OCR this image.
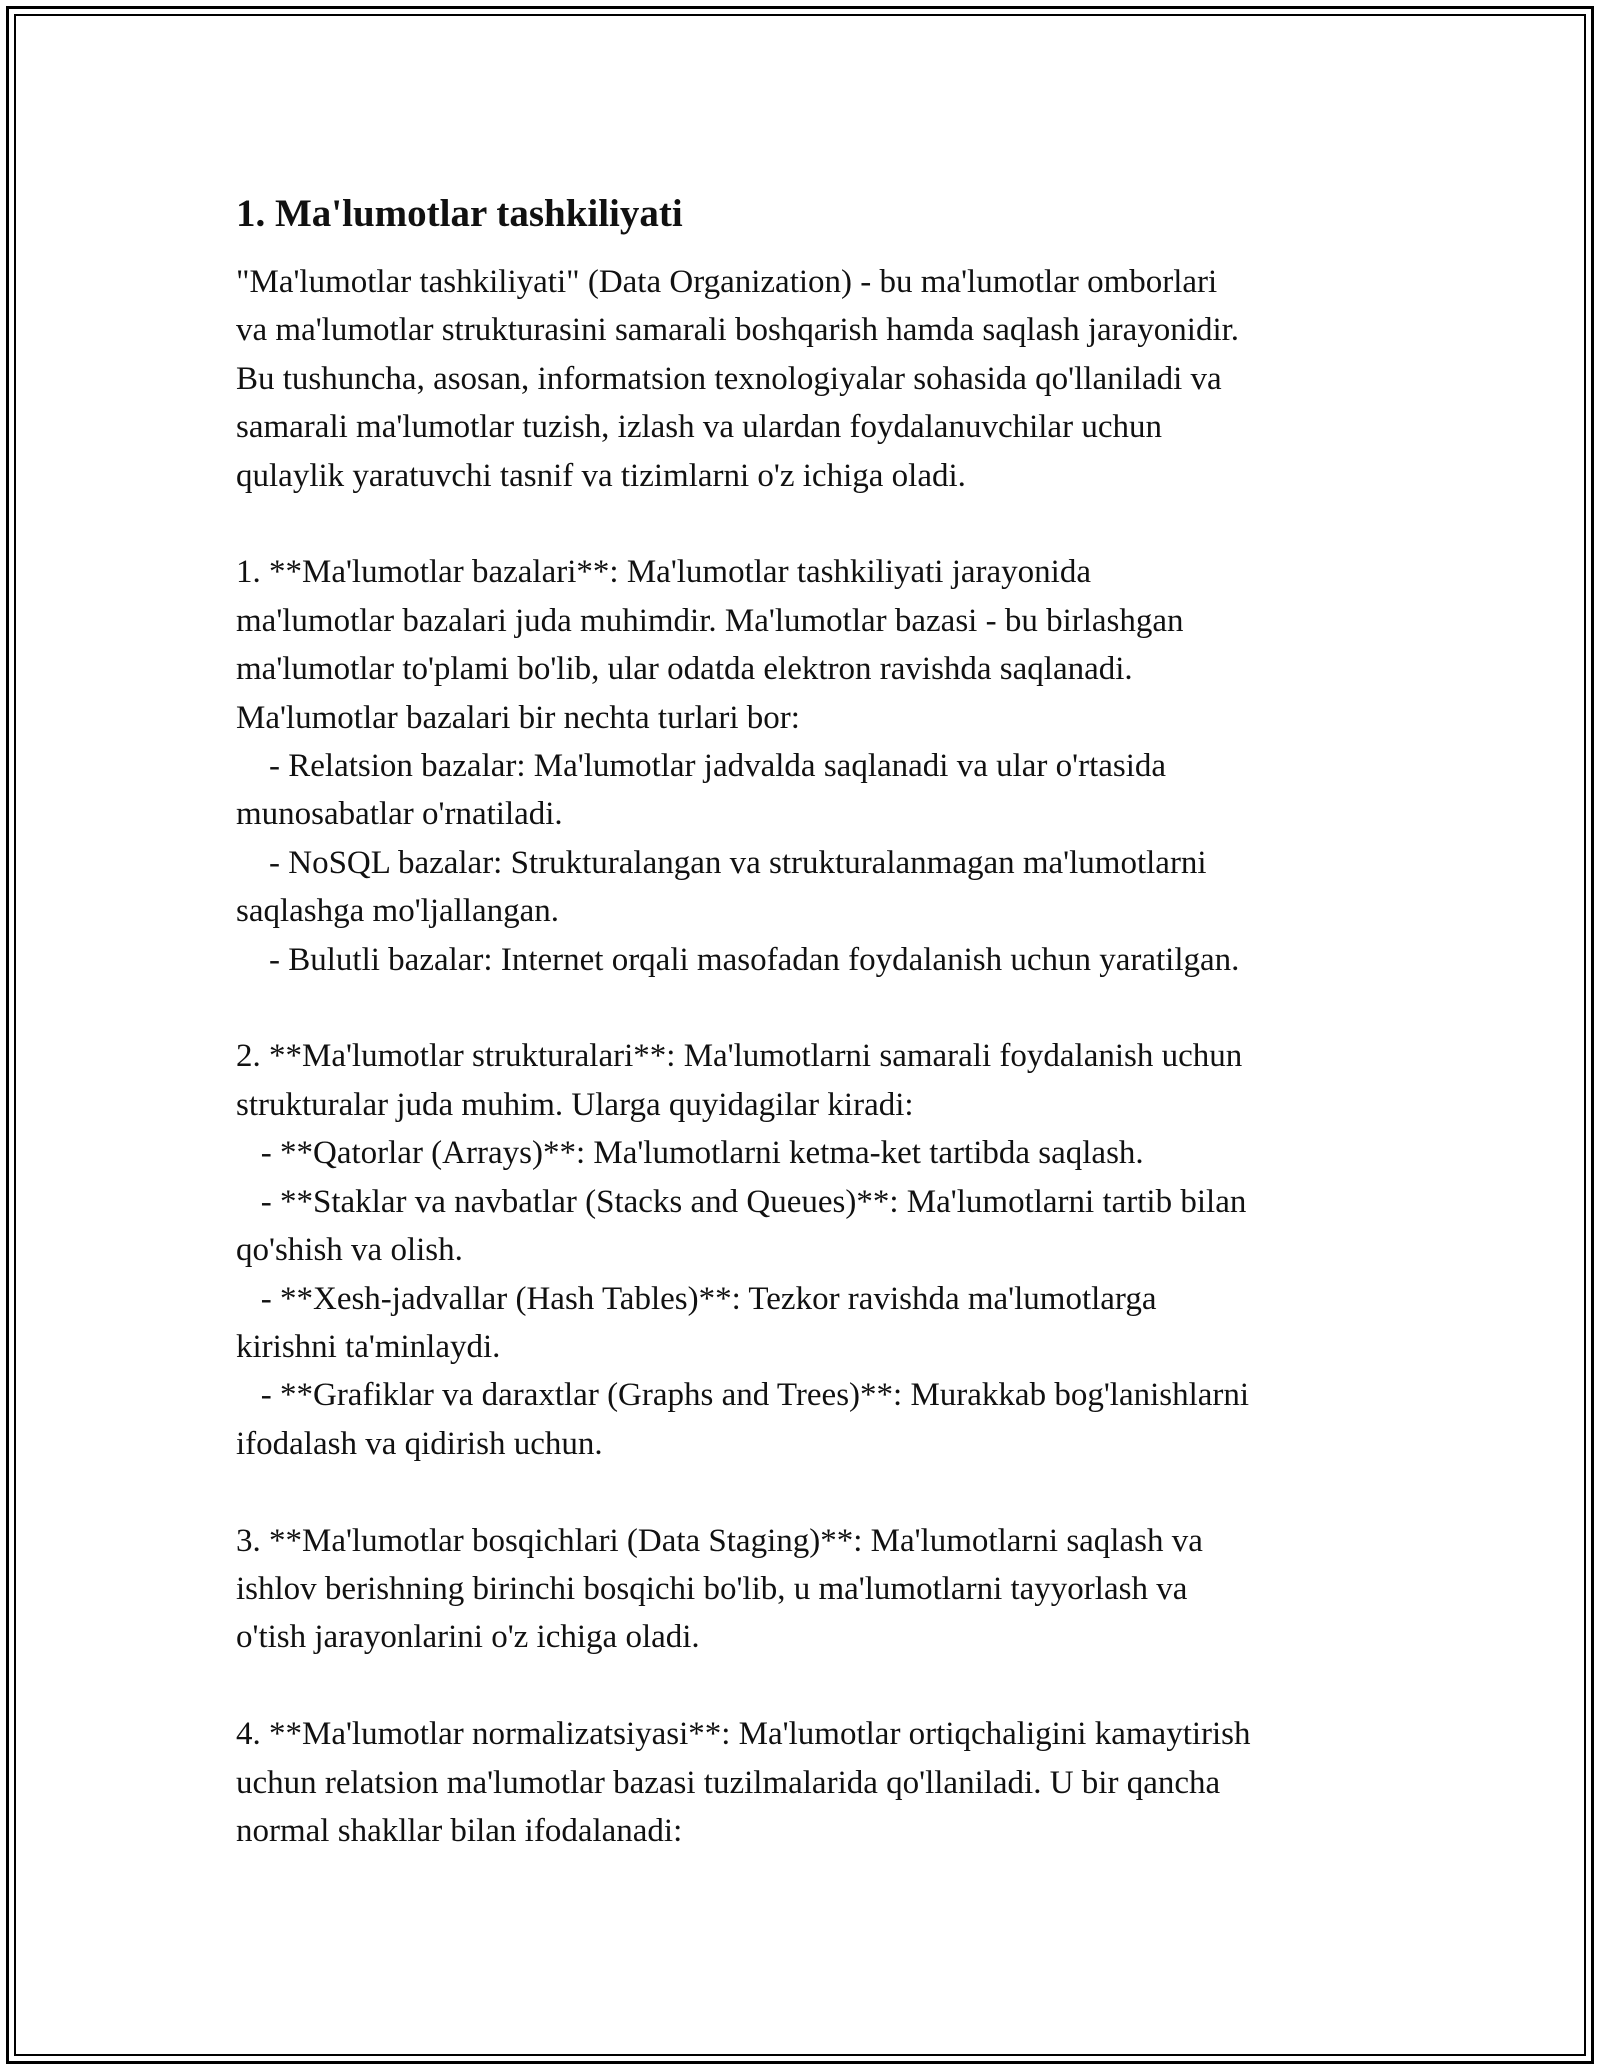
1. Ma'lumotlar tashkiliyati

"Ma'lumotlar tashkiliyati" (Data Organization) - bu ma'lumotlar omborlari
va ma'lumotlar strukturasini samarali boshqarish hamda saqlash jarayonidir.
Bu tushuncha, asosan, informatsion texnologiyalar sohasida qo'llaniladi va
samarali ma'lumotlar tuzish, izlash va ulardan foydalanuvchilar uchun
qulaylik yaratuvchi tasnif va tizimlarni o'z ichiga oladi.

1. **Ma'lumotlar bazalari**: Ma'lumotlar tashkiliyati jarayonida
ma'lumotlar bazalari juda muhimdir. Ma'lumotlar bazasi - bu birlashgan
ma'lumotlar to'plami bo'lib, ular odatda elektron ravishda saqlanadi.
Ma'lumotlar bazalari bir nechta turlari bor:
- Relatsion bazalar: Ma'lumotlar jadvalda saqlanadi va ular o'rtasida
munosabatlar o'rnatiladi.
- NoSQL bazalar: Strukturalangan va strukturalanmagan ma'lumotlarni
saqlashga mo'ljallangan.
- Bulutli bazalar: Internet orqali masofadan foydalanish uchun yaratilgan.

2. **Ma'lumotlar strukturalari**: Ma'lumotlarni samarali foydalanish uchun
strukturalar juda muhim. Ularga quyidagilar kiradi:
- **Qatorlar (Arrays)**: Ma'lumotlarni ketma-ket tartibda saqlash.
- **Staklar va navbatlar (Stacks and Queues)**: Ma'lumotlarni tartib bilan
qo'shish va olish.
- **Xesh-jadvallar (Hash Tables)**: Tezkor ravishda ma'lumotlarga
kirishni ta'minlaydi.
- **Grafiklar va daraxtlar (Graphs and Trees)**: Murakkab bog'lanishlarni
ifodalash va qidirish uchun.

3. **Ma'lumotlar bosqichlari (Data Staging)**: Ma'lumotlarni saqlash va
ishlov berishning birinchi bosqichi bo'lib, u ma'lumotlarni tayyorlash va
o'tish jarayonlarini o'z ichiga oladi.

4. **Ma'lumotlar normalizatsiyasi**: Ma'lumotlar ortiqchaligini kamaytirish
uchun relatsion ma'lumotlar bazasi tuzilmalarida qo'llaniladi. U bir qancha
normal shakllar bilan ifodalanadi:
